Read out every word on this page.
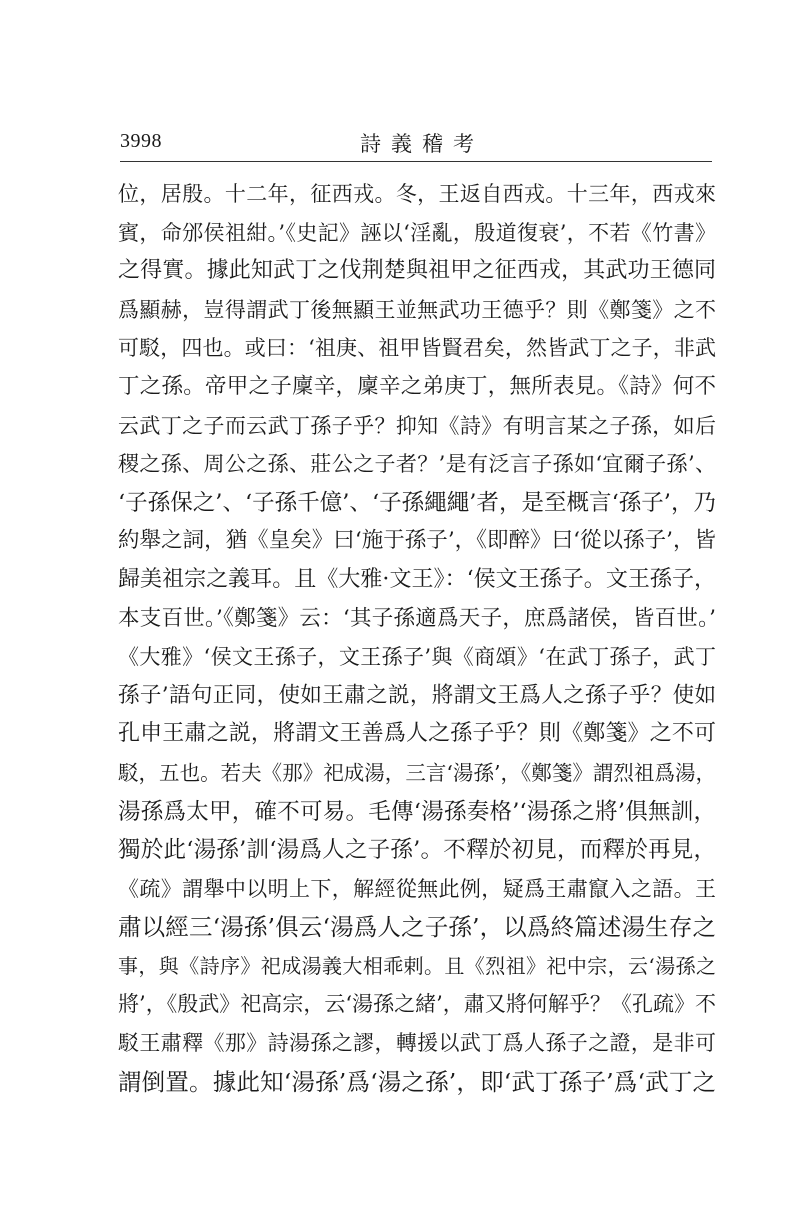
3998	詩義稽考
位，居殷。十二年，征西戎。冬，王返自西戎。十三年，西戎來
賓，命邠侯祖紺。’《史記》誣以‘淫亂，殷道復衰’，不若《竹書》
之得實。據此知武丁之伐荆楚與祖甲之征西戎，其武功王德同
爲顯赫，豈得謂武丁後無顯王並無武功王德乎？則《鄭箋》之不
可駁，四也。或曰：‘祖庚、祖甲皆賢君矣，然皆武丁之子，非武
丁之孫。帝甲之子廩辛，廩辛之弟庚丁，無所表見。《詩》何不
云武丁之子而云武丁孫子乎？抑知《詩》有明言某之子孫，如后
稷之孫、周公之孫、莊公之子者？’是有泛言子孫如‘宜爾子孫’、
‘子孫保之’、‘子孫千億’、‘子孫繩繩’者，是至概言‘孫子’，乃
約舉之詞，猶《皇矣》曰‘施于孫子’，《即醉》曰‘從以孫子’，皆
歸美祖宗之義耳。且《大雅·文王》：‘侯文王孫子。文王孫子，
本支百世。’《鄭箋》云：‘其子孫適爲天子，庶爲諸侯，皆百世。’
《大雅》‘侯文王孫子，文王孫子’與《商頌》‘在武丁孫子，武丁
孫子’語句正同，使如王肅之説，將謂文王爲人之孫子乎？使如
孔申王肅之説，將謂文王善爲人之孫子乎？則《鄭箋》之不可
駁，五也。若夫《那》祀成湯，三言‘湯孫’，《鄭箋》謂烈祖爲湯，
湯孫爲太甲，確不可易。毛傳‘湯孫奏格’‘湯孫之將’俱無訓，
獨於此‘湯孫’訓‘湯爲人之子孫’。不釋於初見，而釋於再見，
《疏》謂舉中以明上下，解經從無此例，疑爲王肅竄入之語。王
肅以經三‘湯孫’俱云‘湯爲人之子孫’，以爲終篇述湯生存之
事，與《詩序》祀成湯義大相乖剌。且《烈祖》祀中宗，云‘湯孫之
將’，《殷武》祀高宗，云‘湯孫之緒’，肅又將何解乎？《孔疏》不
駁王肅釋《那》詩湯孫之謬，轉援以武丁爲人孫子之證，是非可
謂倒置。據此知‘湯孫’爲‘湯之孫’，即‘武丁孫子’爲‘武丁之
